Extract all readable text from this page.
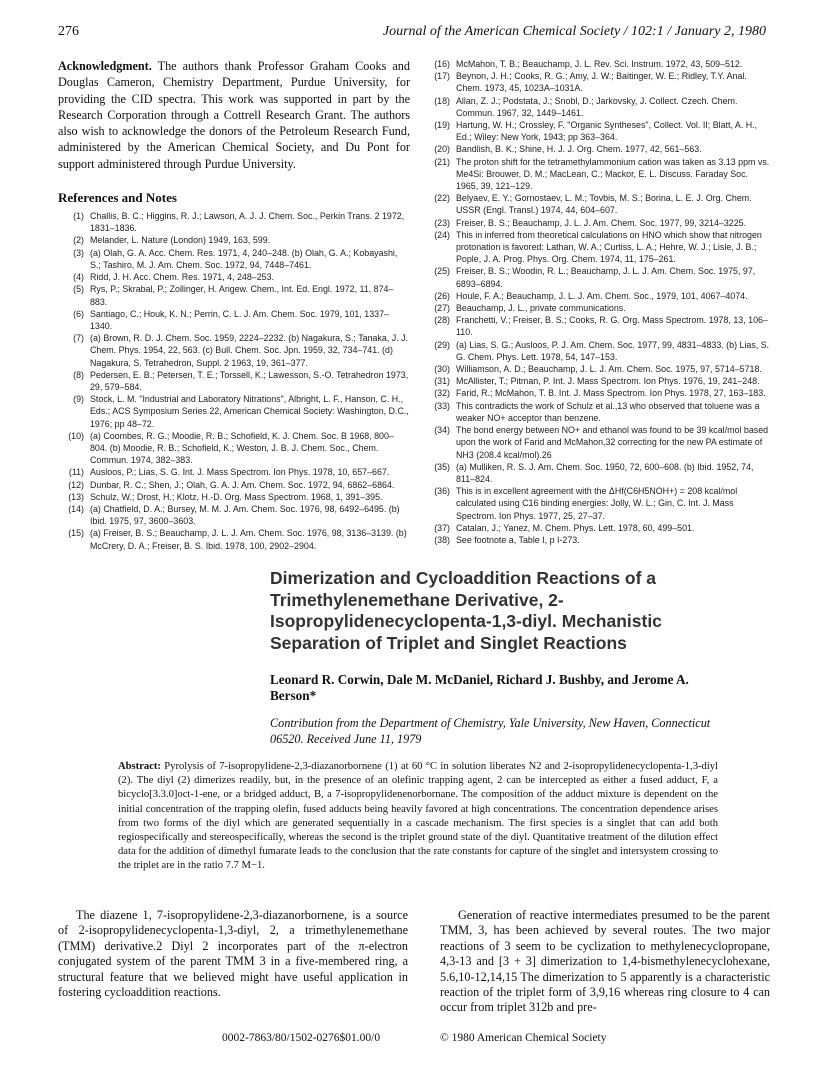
276	Journal of the American Chemical Society / 102:1 / January 2, 1980

Acknowledgment. The authors thank Professor Graham Cooks and Douglas Cameron, Chemistry Department, Purdue University, for providing the CID spectra. This work was supported in part by the Research Corporation through a Cottrell Research Grant. The authors also wish to acknowledge the donors of the Petroleum Research Fund, administered by the American Chemical Society, and Du Pont for support administered through Purdue University.

References and Notes
(1) Challis, B. C.; Higgins, R. J.; Lawson, A. J. J. Chem. Soc., Perkin Trans. 2 1972, 1831–1836.
(2) Melander, L. Nature (London) 1949, 163, 599.
(3) (a) Olah, G. A. Acc. Chem. Res. 1971, 4, 240–248. (b) Olah, G. A.; Kobayashi, S.; Tashiro, M. J. Am. Chem. Soc. 1972, 94, 7448–7461.
(4) Ridd, J. H. Acc. Chem. Res. 1971, 4, 248–253.
(5) Rys, P.; Skrabal, P.; Zollinger, H. Angew. Chem., Int. Ed. Engl. 1972, 11, 874–883.
(6) Santiago, C.; Houk, K. N.; Perrin, C. L. J. Am. Chem. Soc. 1979, 101, 1337–1340.
(7) (a) Brown, R. D. J. Chem. Soc. 1959, 2224–2232. (b) Nagakura, S.; Tanaka, J. J. Chem. Phys. 1954, 22, 563. (c) Bull. Chem. Soc. Jpn. 1959, 32, 734–741. (d) Nagakura, S. Tetrahedron, Suppl. 2 1963, 19, 361–377.
(8) Pedersen, E. B.; Petersen, T. E.; Torssell, K.; Lawesson, S.-O. Tetrahedron 1973, 29, 579–584.
(9) Stock, L. M. "Industrial and Laboratory Nitrations", Albright, L. F., Hanson, C. H., Eds.; ACS Symposium Series 22, American Chemical Society: Washington, D.C., 1976; pp 48–72.
(10) (a) Coombes, R. G.; Moodie, R. B.; Schofield, K. J. Chem. Soc. B 1968, 800–804. (b) Moodie, R. B.; Schofield, K.; Weston, J. B. J. Chem. Soc., Chem. Commun. 1974, 382–383.
(11) Ausloos, P.; Lias, S. G. Int. J. Mass Spectrom. Ion Phys. 1978, 10, 657–667.
(12) Dunbar, R. C.; Shen, J.; Olah, G. A. J. Am. Chem. Soc. 1972, 94, 6862–6864.
(13) Schulz, W.; Drost, H.; Klotz, H.-D. Org. Mass Spectrom. 1968, 1, 391–395.
(14) (a) Chatfield, D. A.; Bursey, M. M. J. Am. Chem. Soc. 1976, 98, 6492–6495. (b) Ibid. 1975, 97, 3600–3603.
(15) (a) Freiser, B. S.; Beauchamp, J. L. J. Am. Chem. Soc. 1976, 98, 3136–3139. (b) McCrery, D. A.; Freiser, B. S. Ibid. 1978, 100, 2902–2904.
(16) McMahon, T. B.; Beauchamp, J. L. Rev. Sci. Instrum. 1972, 43, 509–512.
(17) Beynon, J. H.; Cooks, R. G.; Amy, J. W.; Baitinger, W. E.; Ridley, T.Y. Anal. Chem. 1973, 45, 1023A–1031A.
(18) Allan, Z. J.; Podstata, J.; Snobl, D.; Jarkovsky, J. Collect. Czech. Chem. Commun. 1967, 32, 1449–1461.
(19) Hartung, W. H.; Crossley, F. "Organic Syntheses", Collect. Vol. II; Blatt, A. H., Ed.; Wiley: New York, 1943; pp 363–364.
(20) Bandlish, B. K.; Shine, H. J. J. Org. Chem. 1977, 42, 561–563.
(21) The proton shift for the tetramethylammonium cation was taken as 3.13 ppm vs. Me4Si: Brouwer, D. M.; MacLean, C.; Mackor, E. L. Discuss. Faraday Soc. 1965, 39, 121–129.
(22) Belyaev, E. Y.; Gornostaev, L. M.; Tovbis, M. S.; Borina, L. E. J. Org. Chem. USSR (Engl. Transl.) 1974, 44, 604–607.
(23) Freiser, B. S.; Beauchamp, J. L. J. Am. Chem. Soc. 1977, 99, 3214–3225.
(24) This in inferred from theoretical calculations on HNO which show that nitrogen protonation is favored: Lathan, W. A.; Curtiss, L. A.; Hehre, W. J.; Lisle, J. B.; Pople, J. A. Prog. Phys. Org. Chem. 1974, 11, 175–261.
(25) Freiser, B. S.; Woodin, R. L.; Beauchamp, J. L. J. Am. Chem. Soc. 1975, 97, 6893–6894.
(26) Houle, F. A.; Beauchamp, J. L. J. Am. Chem. Soc., 1979, 101, 4067–4074.
(27) Beauchamp, J. L., private communications.
(28) Franchetti, V.; Freiser, B. S.; Cooks, R. G. Org. Mass Spectrom. 1978, 13, 106–110.
(29) (a) Lias, S. G.; Ausloos, P. J. Am. Chem. Soc. 1977, 99, 4831–4833. (b) Lias, S. G. Chem. Phys. Lett. 1978, 54, 147–153.
(30) Williamson, A. D.; Beauchamp, J. L. J. Am. Chem. Soc. 1975, 97, 5714–5718.
(31) McAllister, T.; Pitman, P. Int. J. Mass Spectrom. Ion Phys. 1976, 19, 241–248.
(32) Farid, R.; McMahon, T. B. Int. J. Mass Spectrom. Ion Phys. 1978, 27, 163–183.
(33) This contradicts the work of Schulz et al.,13 who observed that toluene was a weaker NO+ acceptor than benzene.
(34) The bond energy between NO+ and ethanol was found to be 39 kcal/mol based upon the work of Farid and McMahon,32 correcting for the new PA estimate of NH3 (208.4 kcal/mol).26
(35) (a) Mulliken, R. S. J. Am. Chem. Soc. 1950, 72, 600–608. (b) Ibid. 1952, 74, 811–824.
(36) This is in excellent agreement with the ΔHf(C6H5NOH+) = 208 kcal/mol calculated using C16 binding energies: Jolly, W. L.; Gin, C. Int. J. Mass Spectrom. Ion Phys. 1977, 25, 27–37.
(37) Catalan, J.; Yanez, M. Chem. Phys. Lett. 1978, 60, 499–501.
(38) See footnote a, Table I, p I-273.
Dimerization and Cycloaddition Reactions of a Trimethylenemethane Derivative, 2-Isopropylidenecyclopenta-1,3-diyl. Mechanistic Separation of Triplet and Singlet Reactions

Leonard R. Corwin, Dale M. McDaniel, Richard J. Bushby, and Jerome A. Berson*

Contribution from the Department of Chemistry, Yale University, New Haven, Connecticut 06520. Received June 11, 1979

Abstract: Pyrolysis of 7-isopropylidene-2,3-diazanorbornene (1) at 60 °C in solution liberates N2 and 2-isopropylidenecyclopenta-1,3-diyl (2). The diyl (2) dimerizes readily, but, in the presence of an olefinic trapping agent, 2 can be intercepted as either a fused adduct, F, a bicyclo[3.3.0]oct-1-ene, or a bridged adduct, B, a 7-isopropylidenenorbornane. The composition of the adduct mixture is dependent on the initial concentration of the trapping olefin, fused adducts being heavily favored at high concentrations. The concentration dependence arises from two forms of the diyl which are generated sequentially in a cascade mechanism. The first species is a singlet that can add both regiospecifically and stereospecifically, whereas the second is the triplet ground state of the diyl. Quantitative treatment of the dilution effect data for the addition of dimethyl fumarate leads to the conclusion that the rate constants for capture of the singlet and intersystem crossing to the triplet are in the ratio 7.7 M−1.

The diazene 1, 7-isopropylidene-2,3-diazanorbornene, is a source of 2-isopropylidenecyclopenta-1,3-diyl, 2, a trimethylenemethane (TMM) derivative.2 Diyl 2 incorporates part of the π-electron conjugated system of the parent TMM 3 in a five-membered ring, a structural feature that we believed might have useful application in fostering cycloaddition reactions.

Generation of reactive intermediates presumed to be the parent TMM, 3, has been achieved by several routes. The two major reactions of 3 seem to be cyclization to methylenecyclopropane, 4,3-13 and [3 + 3] dimerization to 1,4-bismethylenecyclohexane, 5.6,10-12,14,15 The dimerization to 5 apparently is a characteristic reaction of the triplet form of 3,9,16 whereas ring closure to 4 can occur from triplet 312b and pre-

0002-7863/80/1502-0276$01.00/0	© 1980 American Chemical Society
